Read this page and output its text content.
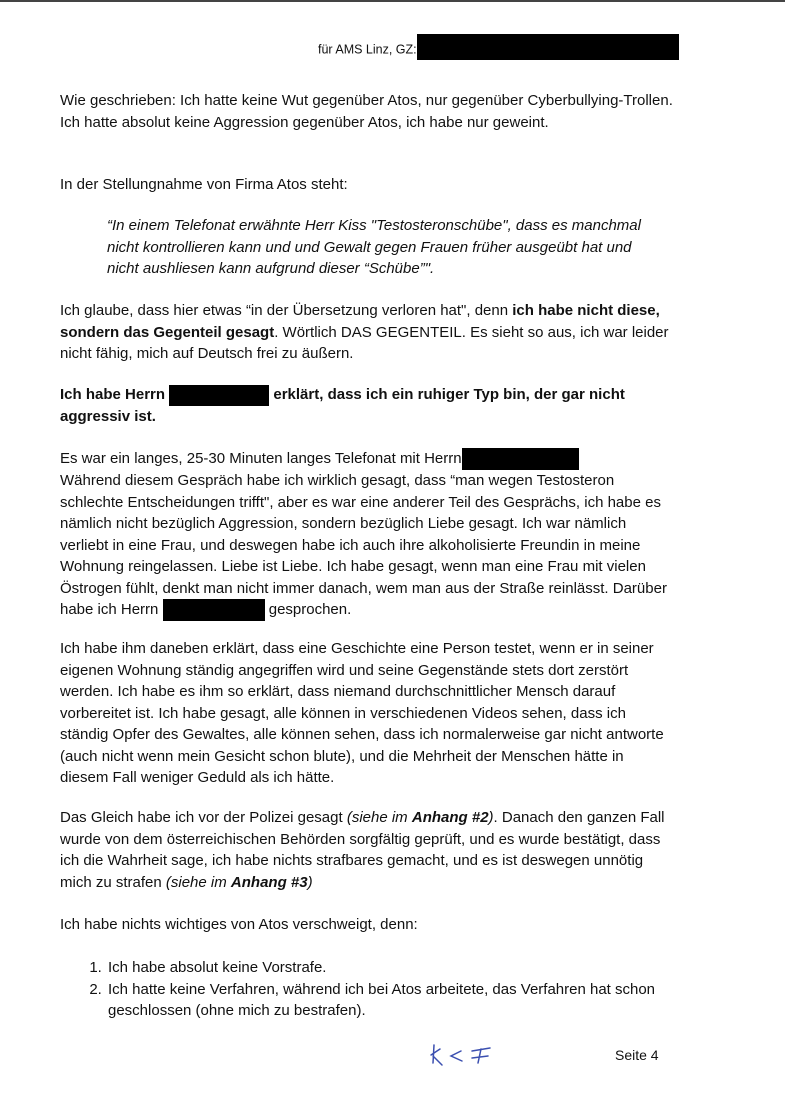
für AMS Linz, GZ:

Wie geschrieben: Ich hatte keine Wut gegenüber Atos, nur gegenüber Cyberbullying-Trollen. Ich hatte absolut keine Aggression gegenüber Atos, ich habe nur geweint.

In der Stellungnahme von Firma Atos steht:

“In einem Telefonat erwähnte Herr Kiss "Testosteronschübe", dass es manchmal nicht kontrollieren kann und und Gewalt gegen Frauen früher ausgeübt hat und nicht aushliesen kann aufgrund dieser “Schübe”".

Ich glaube, dass hier etwas “in der Übersetzung verloren hat", denn ich habe nicht diese, sondern das Gegenteil gesagt. Wörtlich DAS GEGENTEIL. Es sieht so aus, ich war leider nicht fähig, mich auf Deutsch frei zu äußern.

Ich habe Herrn	erklärt, dass ich ein ruhiger Typ bin, der gar nicht aggressiv ist.

Es war ein langes, 25-30 Minuten langes Telefonat mit Herrn
Während diesem Gespräch habe ich wirklich gesagt, dass “man wegen Testosteron schlechte Entscheidungen trifft", aber es war eine anderer Teil des Gesprächs, ich habe es nämlich nicht bezüglich Aggression, sondern bezüglich Liebe gesagt. Ich war nämlich verliebt in eine Frau, und deswegen habe ich auch ihre alkoholisierte Freundin in meine Wohnung reingelassen. Liebe ist Liebe. Ich habe gesagt, wenn man eine Frau mit vielen Östrogen fühlt, denkt man nicht immer danach, wem man aus der Straße reinlässt. Darüber habe ich Herrn	gesprochen.

Ich habe ihm daneben erklärt, dass eine Geschichte eine Person testet, wenn er in seiner eigenen Wohnung ständig angegriffen wird und seine Gegenstände stets dort zerstört werden. Ich habe es ihm so erklärt, dass niemand durchschnittlicher Mensch darauf vorbereitet ist. Ich habe gesagt, alle können in verschiedenen Videos sehen, dass ich ständig Opfer des Gewaltes, alle können sehen, dass ich normalerweise gar nicht antworte (auch nicht wenn mein Gesicht schon blute), und die Mehrheit der Menschen hätte in diesem Fall weniger Geduld als ich hätte.

Das Gleich habe ich vor der Polizei gesagt (siehe im Anhang #2). Danach den ganzen Fall wurde von dem österreichischen Behörden sorgfältig geprüft, und es wurde bestätigt, dass ich die Wahrheit sage, ich habe nichts strafbares gemacht, und es ist deswegen unnötig mich zu strafen (siehe im Anhang #3)

Ich habe nichts wichtiges von Atos verschweigt, denn:

1. Ich habe absolut keine Vorstrafe.
2. Ich hatte keine Verfahren, während ich bei Atos arbeitete, das Verfahren hat schon geschlossen (ohne mich zu bestrafen).
Seite 4
